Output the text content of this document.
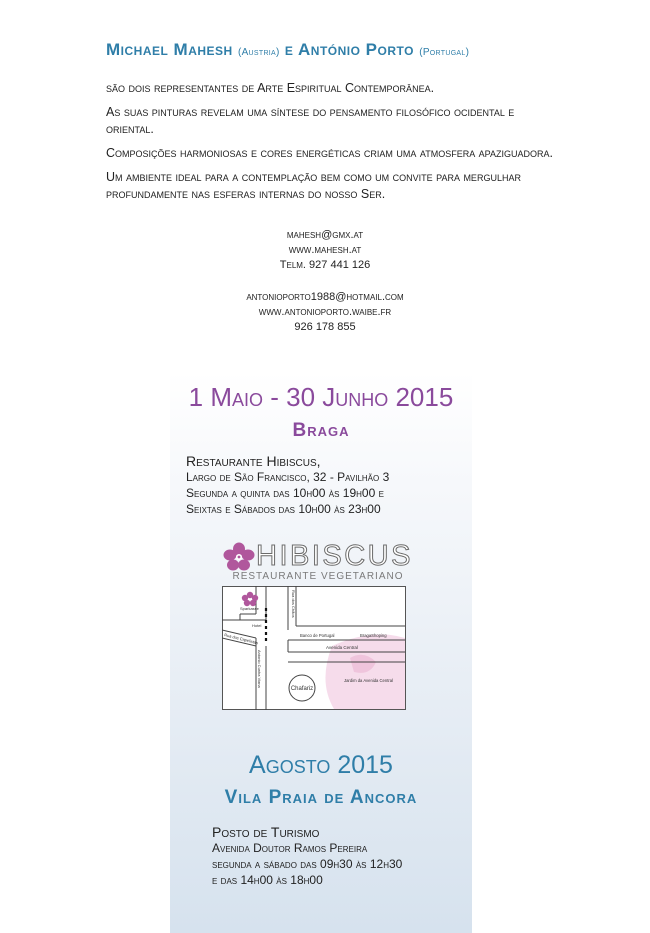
Michael Mahesh (Austria) e António Porto (Portugal)

são dois representantes de Arte Espiritual Contemporânea.

As suas pinturas revelam uma síntese do pensamento filosófico ocidental e oriental.

Composições harmoniosas e cores energéticas criam uma atmosfera apaziguadora.

Um ambiente ideal para a contemplação bem como um convite para mergulhar profundamente nas esferas internas do nosso Ser.

mahesh@gmx.at
www.mahesh.at
Telm. 927 441 126
antonioporto1988@hotmail.com
www.antonioporto.waibe.fr
926 178 855
1 Maio - 30 Junho 2015
Braga
Restaurante Hibiscus,
Largo de São Francisco, 32 - Pavilhão 3
Segunda a quinta das 10h00 às 19h00 e
Seixtas e Sábados das 10h00 às 23h00
HIBISCUS
RESTAURANTE VEGETARIANO
Sparkasse
Rua dos Capelistas
Hotel
Rua dos Chãos
Banco de Portugal	BragaShoping
Avenida Central
Antonio Cunha Viana
Chafariz
Jardim da Avenida Central
Agosto 2015
Vila Praia de Ancora
Posto de Turismo
Avenida Doutor Ramos Pereira
segunda a sábado das 09h30 às 12h30
e das 14h00 às 18h00
